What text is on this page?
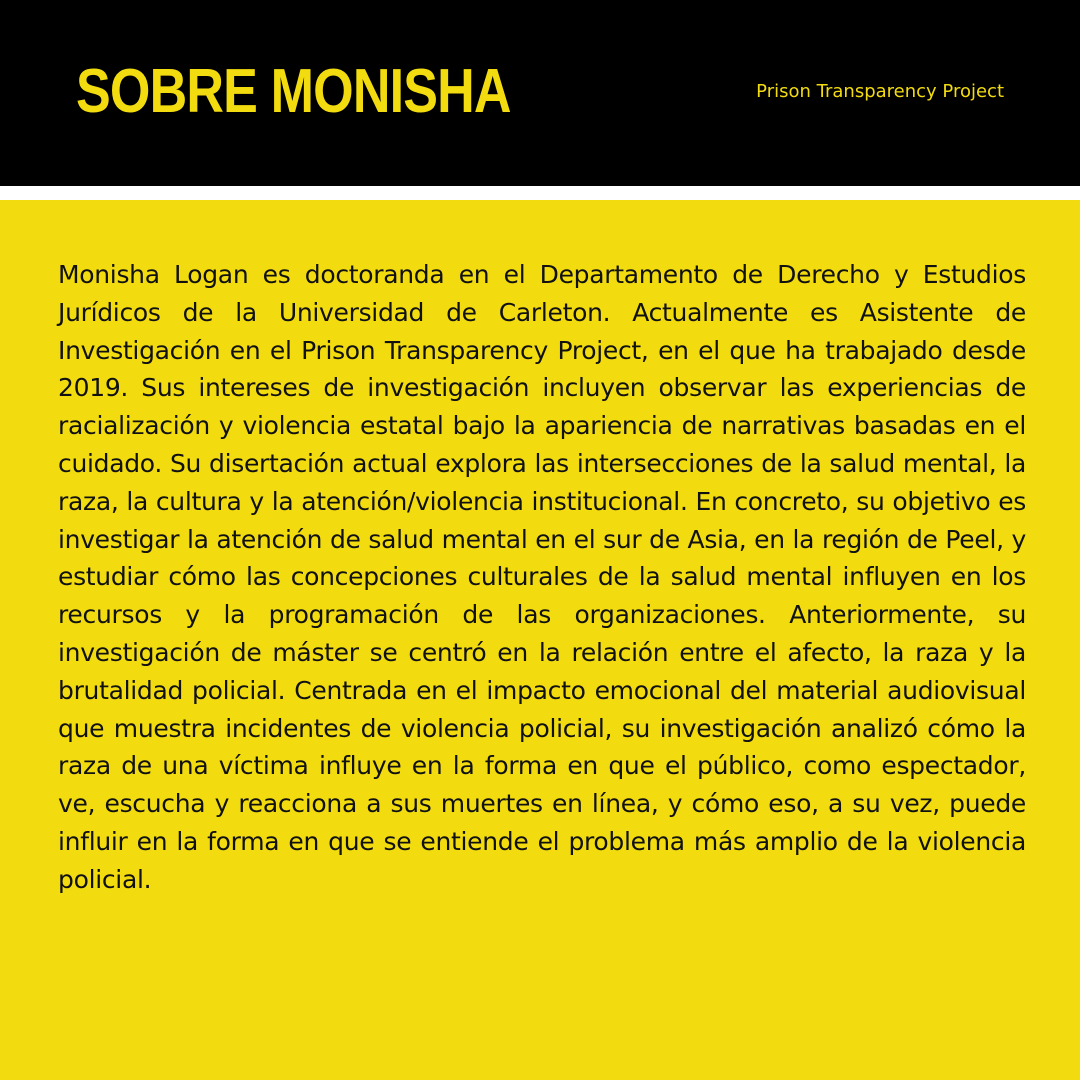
SOBRE MONISHA	Prison Transparency Project

Monisha Logan es doctoranda en el Departamento de Derecho y Estudios Jurídicos de la Universidad de Carleton. Actualmente es Asistente de Investigación en el Prison Transparency Project, en el que ha trabajado desde 2019. Sus intereses de investigación incluyen observar las experiencias de racialización y violencia estatal bajo la apariencia de narrativas basadas en el cuidado. Su disertación actual explora las intersecciones de la salud mental, la raza, la cultura y la atención/violencia institucional. En concreto, su objetivo es investigar la atención de salud mental en el sur de Asia, en la región de Peel, y estudiar cómo las concepciones culturales de la salud mental influyen en los recursos y la programación de las organizaciones. Anteriormente, su investigación de máster se centró en la relación entre el afecto, la raza y la brutalidad policial. Centrada en el impacto emocional del material audiovisual que muestra incidentes de violencia policial, su investigación analizó cómo la raza de una víctima influye en la forma en que el público, como espectador, ve, escucha y reacciona a sus muertes en línea, y cómo eso, a su vez, puede influir en la forma en que se entiende el problema más amplio de la violencia policial.
